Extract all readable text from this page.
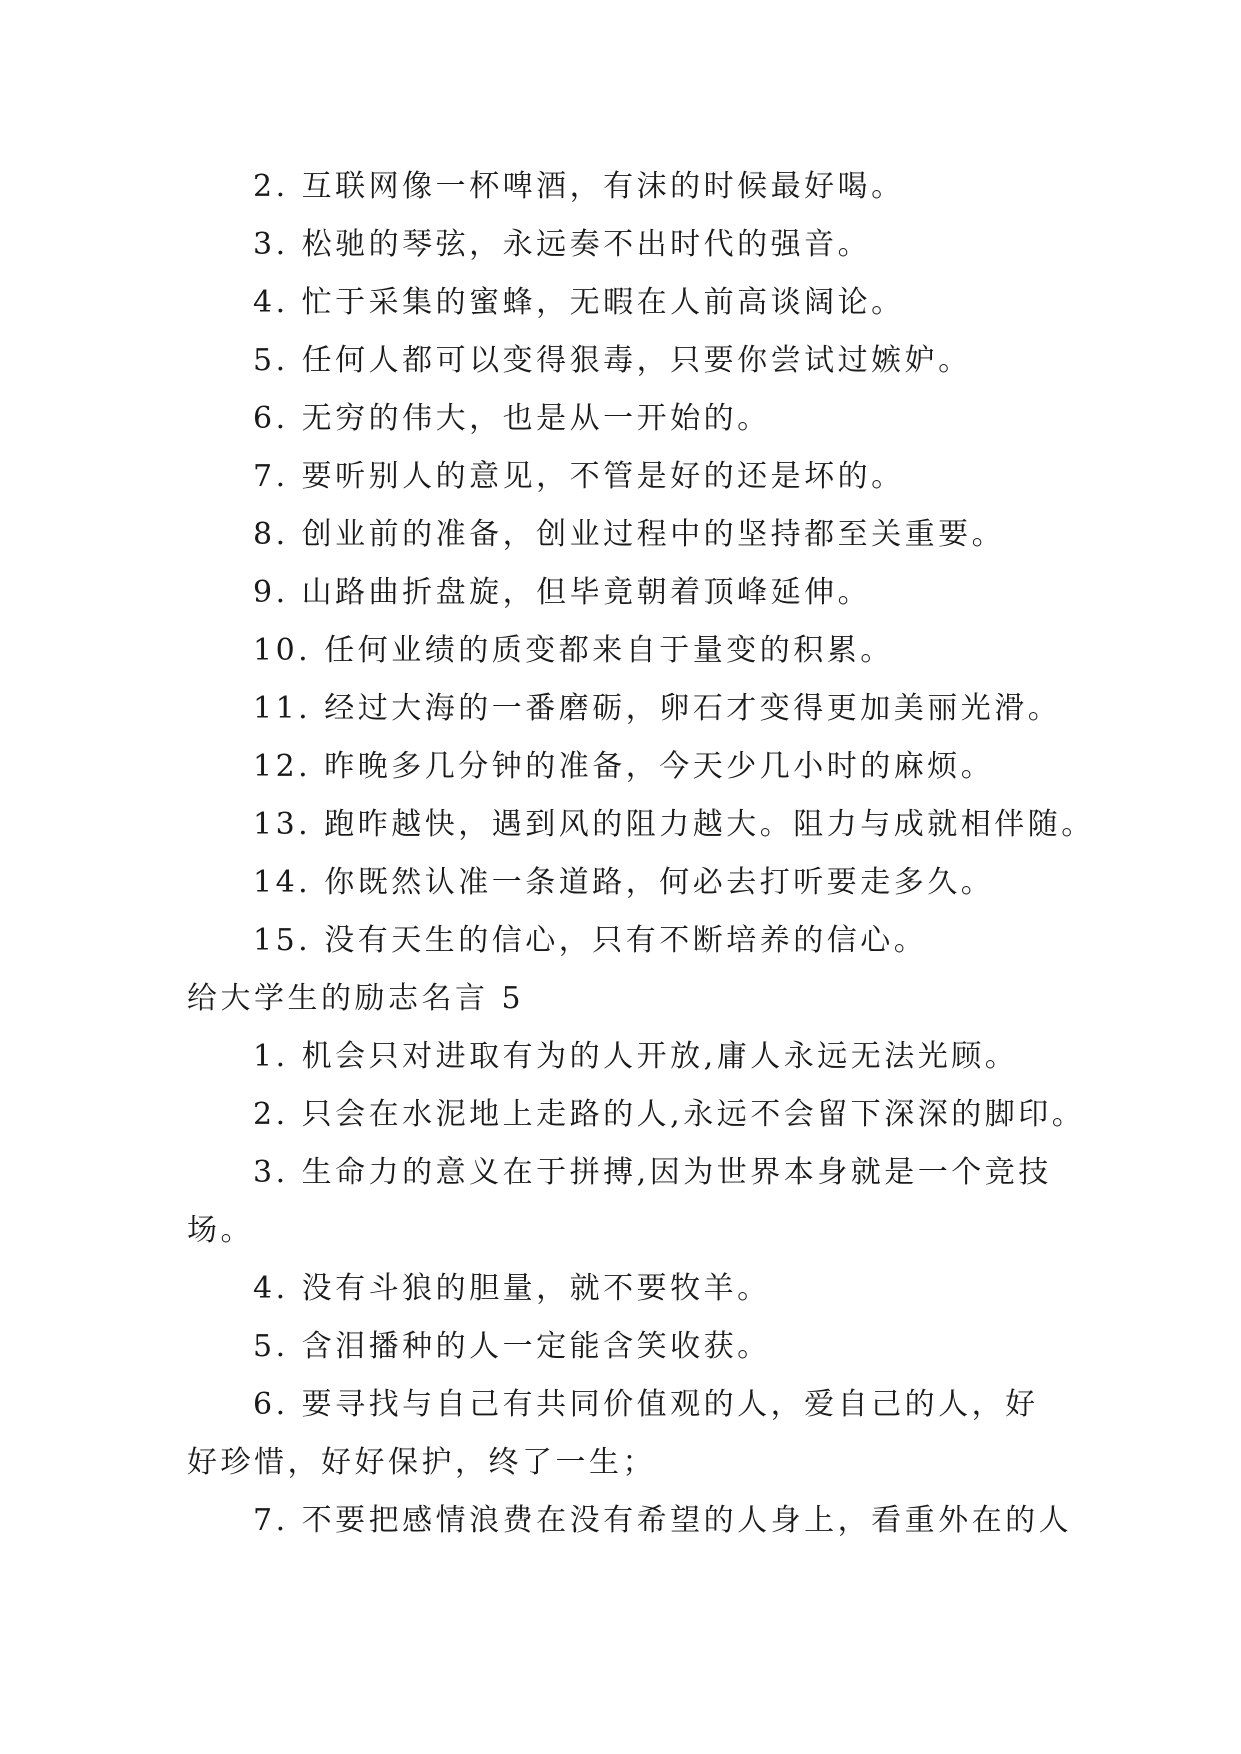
2. 互联网像一杯啤酒，有沫的时候最好喝。

3. 松驰的琴弦，永远奏不出时代的强音。

4. 忙于采集的蜜蜂，无暇在人前高谈阔论。

5. 任何人都可以变得狠毒，只要你尝试过嫉妒。

6. 无穷的伟大，也是从一开始的。

7. 要听别人的意见，不管是好的还是坏的。

8. 创业前的准备，创业过程中的坚持都至关重要。

9. 山路曲折盘旋，但毕竟朝着顶峰延伸。

10. 任何业绩的质变都来自于量变的积累。

11. 经过大海的一番磨砺，卵石才变得更加美丽光滑。

12. 昨晚多几分钟的准备，今天少几小时的麻烦。

13. 跑昨越快，遇到风的阻力越大。阻力与成就相伴随。

14. 你既然认准一条道路，何必去打听要走多久。

15. 没有天生的信心，只有不断培养的信心。

给大学生的励志名言 5

1. 机会只对进取有为的人开放,庸人永远无法光顾。

2. 只会在水泥地上走路的人,永远不会留下深深的脚印。

3. 生命力的意义在于拼搏,因为世界本身就是一个竞技场。

4. 没有斗狼的胆量，就不要牧羊。

5. 含泪播种的人一定能含笑收获。

6. 要寻找与自己有共同价值观的人，爱自己的人，好好珍惜，好好保护，终了一生；

7. 不要把感情浪费在没有希望的人身上，看重外在的人
